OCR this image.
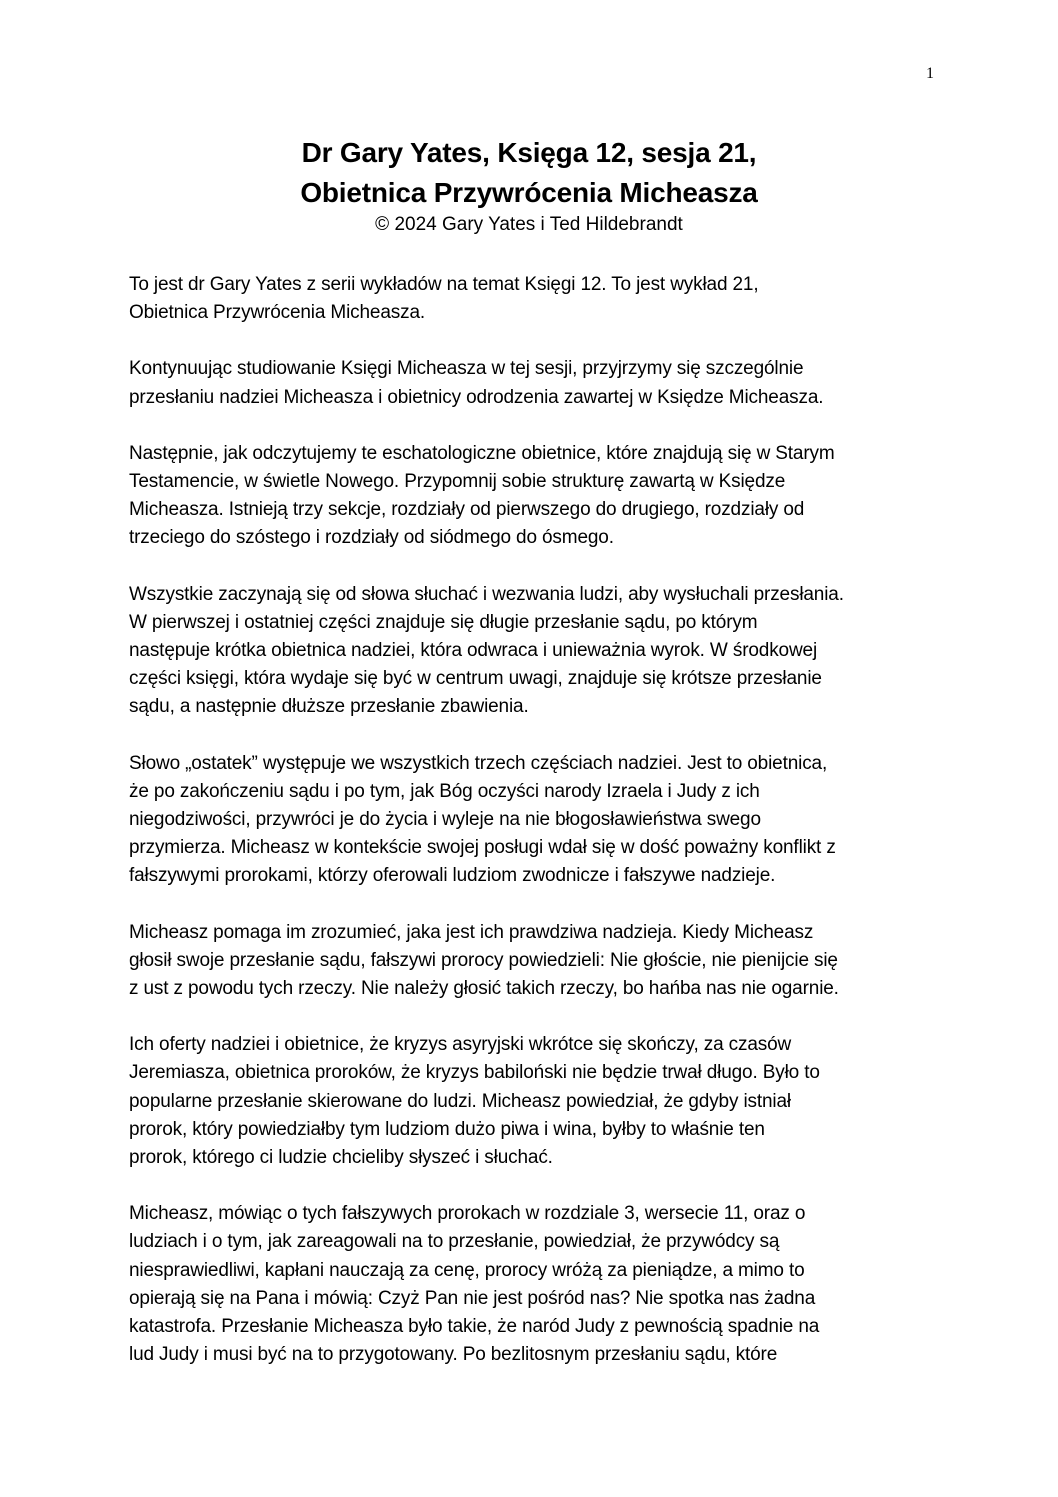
1
Dr Gary Yates, Księga 12, sesja 21,
Obietnica Przywrócenia Micheasza
© 2024 Gary Yates i Ted Hildebrandt

To jest dr Gary Yates z serii wykładów na temat Księgi 12. To jest wykład 21,
Obietnica Przywrócenia Micheasza.

Kontynuując studiowanie Księgi Micheasza w tej sesji, przyjrzymy się szczególnie
przesłaniu nadziei Micheasza i obietnicy odrodzenia zawartej w Księdze Micheasza.

Następnie, jak odczytujemy te eschatologiczne obietnice, które znajdują się w Starym
Testamencie, w świetle Nowego. Przypomnij sobie strukturę zawartą w Księdze
Micheasza. Istnieją trzy sekcje, rozdziały od pierwszego do drugiego, rozdziały od
trzeciego do szóstego i rozdziały od siódmego do ósmego.

Wszystkie zaczynają się od słowa słuchać i wezwania ludzi, aby wysłuchali przesłania.
W pierwszej i ostatniej części znajduje się długie przesłanie sądu, po którym
następuje krótka obietnica nadziei, która odwraca i unieważnia wyrok. W środkowej
części księgi, która wydaje się być w centrum uwagi, znajduje się krótsze przesłanie
sądu, a następnie dłuższe przesłanie zbawienia.

Słowo „ostatek” występuje we wszystkich trzech częściach nadziei. Jest to obietnica,
że po zakończeniu sądu i po tym, jak Bóg oczyści narody Izraela i Judy z ich
niegodziwości, przywróci je do życia i wyleje na nie błogosławieństwa swego
przymierza. Micheasz w kontekście swojej posługi wdał się w dość poważny konflikt z
fałszywymi prorokami, którzy oferowali ludziom zwodnicze i fałszywe nadzieje.

Micheasz pomaga im zrozumieć, jaka jest ich prawdziwa nadzieja. Kiedy Micheasz
głosił swoje przesłanie sądu, fałszywi prorocy powiedzieli: Nie głoście, nie pienijcie się
z ust z powodu tych rzeczy. Nie należy głosić takich rzeczy, bo hańba nas nie ogarnie.

Ich oferty nadziei i obietnice, że kryzys asyryjski wkrótce się skończy, za czasów
Jeremiasza, obietnica proroków, że kryzys babiloński nie będzie trwał długo. Było to
popularne przesłanie skierowane do ludzi. Micheasz powiedział, że gdyby istniał
prorok, który powiedziałby tym ludziom dużo piwa i wina, byłby to właśnie ten
prorok, którego ci ludzie chcieliby słyszeć i słuchać.

Micheasz, mówiąc o tych fałszywych prorokach w rozdziale 3, wersecie 11, oraz o
ludziach i o tym, jak zareagowali na to przesłanie, powiedział, że przywódcy są
niesprawiedliwi, kapłani nauczają za cenę, prorocy wróżą za pieniądze, a mimo to
opierają się na Pana i mówią: Czyż Pan nie jest pośród nas? Nie spotka nas żadna
katastrofa. Przesłanie Micheasza było takie, że naród Judy z pewnością spadnie na
lud Judy i musi być na to przygotowany. Po bezlitosnym przesłaniu sądu, które
